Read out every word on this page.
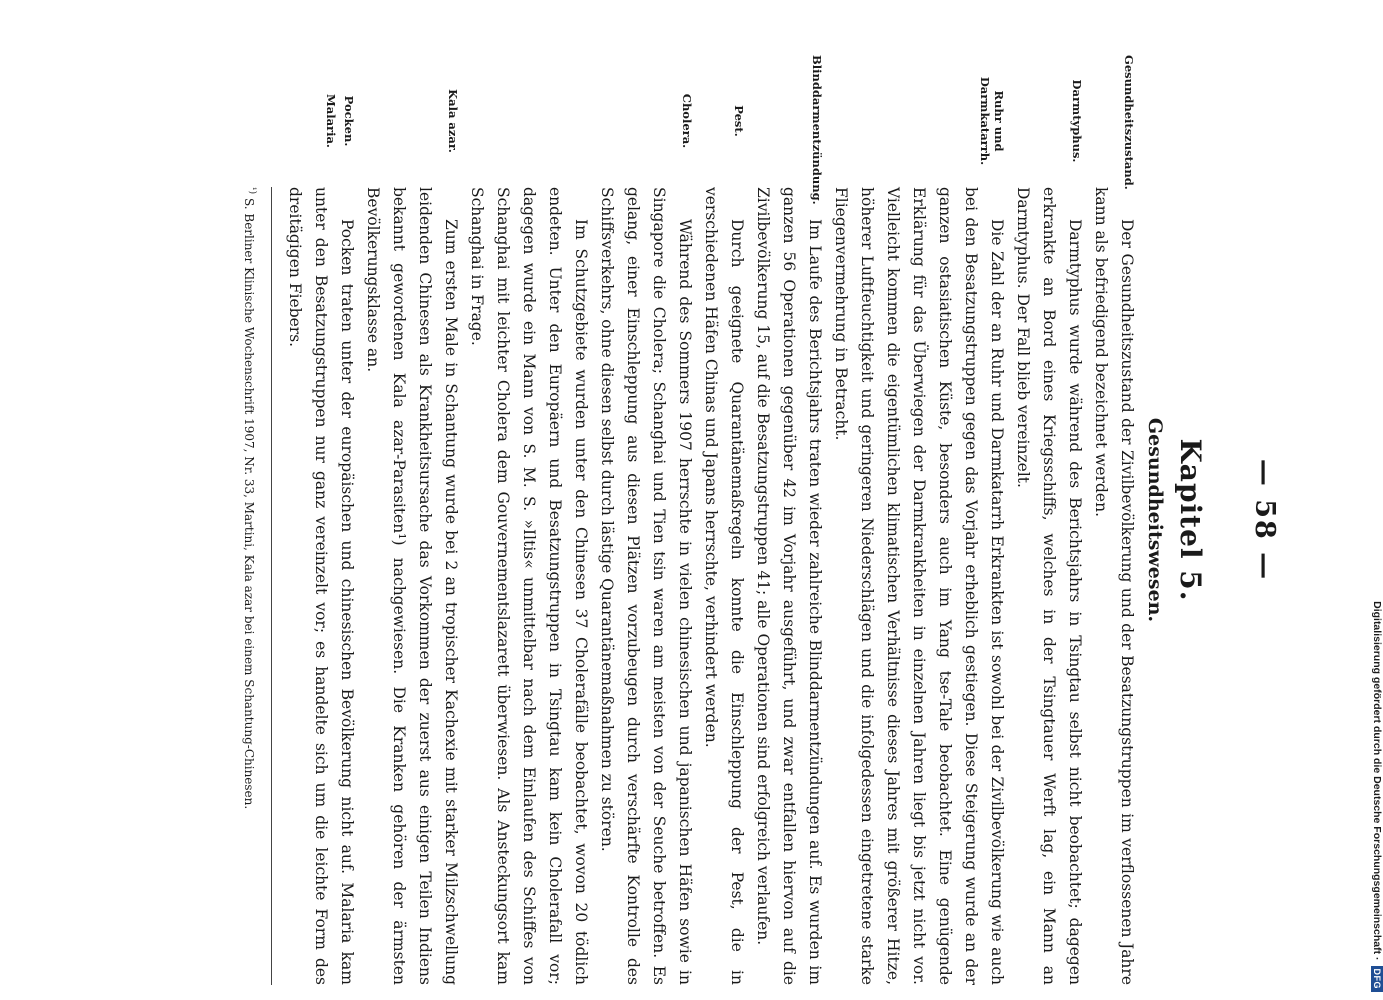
— 58 —
Kapitel 5.
Gesundheitswesen.
Gesundheitszustand.

Der Gesundheitszustand der Zivilbevölkerung und der Besatzungstruppen im verflossenen Jahre kann als befriedigend bezeichnet werden.

Darmtyphus.

Darmtyphus wurde während des Berichtsjahrs in Tsingtau selbst nicht beobachtet; dagegen erkrankte an Bord eines Kriegsschiffs, welches in der Tsingtauer Werft lag, ein Mann an Darmtyphus. Der Fall blieb vereinzelt.

Ruhr und Darmkatarrh.

Die Zahl der an Ruhr und Darmkatarrh Erkrankten ist sowohl bei der Zivilbevölkerung wie auch bei den Besatzungstruppen gegen das Vorjahr erheblich gestiegen. Diese Steigerung wurde an der ganzen ostasiatischen Küste, besonders auch im Yang tse-Tale beobachtet. Eine genügende Erklärung für das Überwiegen der Darmkrankheiten in einzelnen Jahren liegt bis jetzt nicht vor. Vielleicht kommen die eigentümlichen klimatischen Verhältnisse dieses Jahres mit größerer Hitze, höherer Luftfeuchtigkeit und geringeren Niederschlägen und die infolgedessen eingetretene starke Fliegenvermehrung in Betracht.

Blinddarmentzündung.

Im Laufe des Berichtsjahrs traten wieder zahlreiche Blinddarmentzündungen auf. Es wurden im ganzen 56 Operationen gegenüber 42 im Vorjahr ausgeführt, und zwar entfallen hiervon auf die Zivilbevölkerung 15, auf die Besatzungstruppen 41; alle Operationen sind erfolgreich verlaufen.

Pest.

Durch geeignete Quarantänemaßregeln konnte die Einschleppung der Pest, die in verschiedenen Häfen Chinas und Japans herrschte, verhindert werden.

Cholera.

Während des Sommers 1907 herrschte in vielen chinesischen und japanischen Häfen sowie in Singapore die Cholera; Schanghai und Tien tsin waren am meisten von der Seuche betroffen. Es gelang, einer Einschleppung aus diesen Plätzen vorzubeugen durch verschärfte Kontrolle des Schiffsverkehrs, ohne diesen selbst durch lästige Quarantänemaßnahmen zu stören.

Im Schutzgebiete wurden unter den Chinesen 37 Cholerafälle beobachtet, wovon 20 tödlich endeten. Unter den Europäern und Besatzungstruppen in Tsingtau kam kein Cholerafall vor; dagegen wurde ein Mann von S. M. S. »Iltis« unmittelbar nach dem Einlaufen des Schiffes von Schanghai mit leichter Cholera dem Gouvernementslazarett überwiesen. Als Ansteckungsort kam Schanghai in Frage.

Kala azar.

Zum ersten Male in Schantung wurde bei 2 an tropischer Kachexie mit starker Milzschwellung leidenden Chinesen als Krankheitsursache das Vorkommen der zuerst aus einigen Teilen Indiens bekannt gewordenen Kala azar-Parasiten¹) nachgewiesen. Die Kranken gehören der ärmsten Bevölkerungsklasse an.

Pocken.
Malaria.

Pocken traten unter der europäischen und chinesischen Bevölkerung nicht auf. Malaria kam unter den Besatzungstruppen nur ganz vereinzelt vor; es handelte sich um die leichte Form des dreitägigen Fiebers.

$^{^1)}$ S. Berliner Klinische Wochenschrift 1907, Nr. 33, Martini, Kala azar bei einem Schantung-Chinesen.	Digitalisierung gefördert durch die Deutsche Forschungsgemeinschaft ·
DFG
